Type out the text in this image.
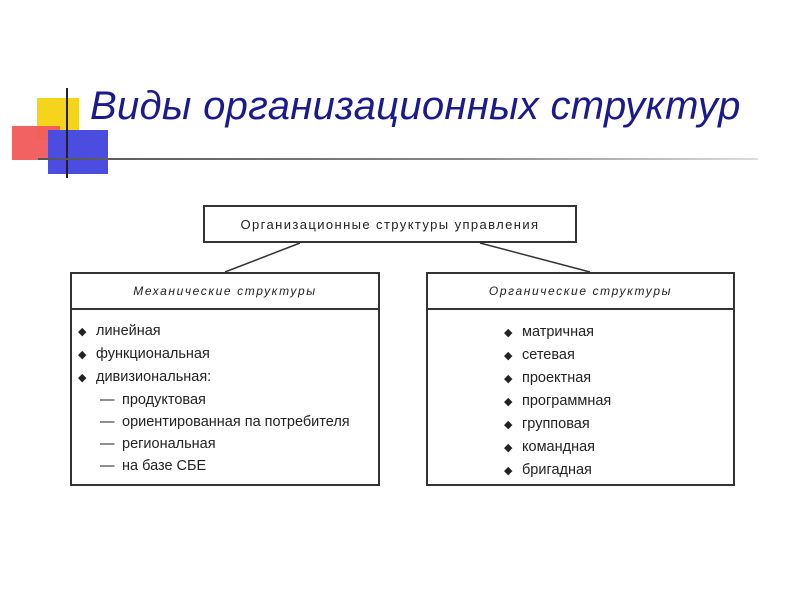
Виды организационных структур
Организационные структуры управления
Механические структуры
◆ линейная
◆ функциональная
◆ дивизиональная:
— продуктовая
— ориентированная па потребителя
— региональная
— на базе СБЕ
Органические структуры
◆ матричная
◆ сетевая
◆ проектная
◆ программная
◆ групповая
◆ командная
◆ бригадная
